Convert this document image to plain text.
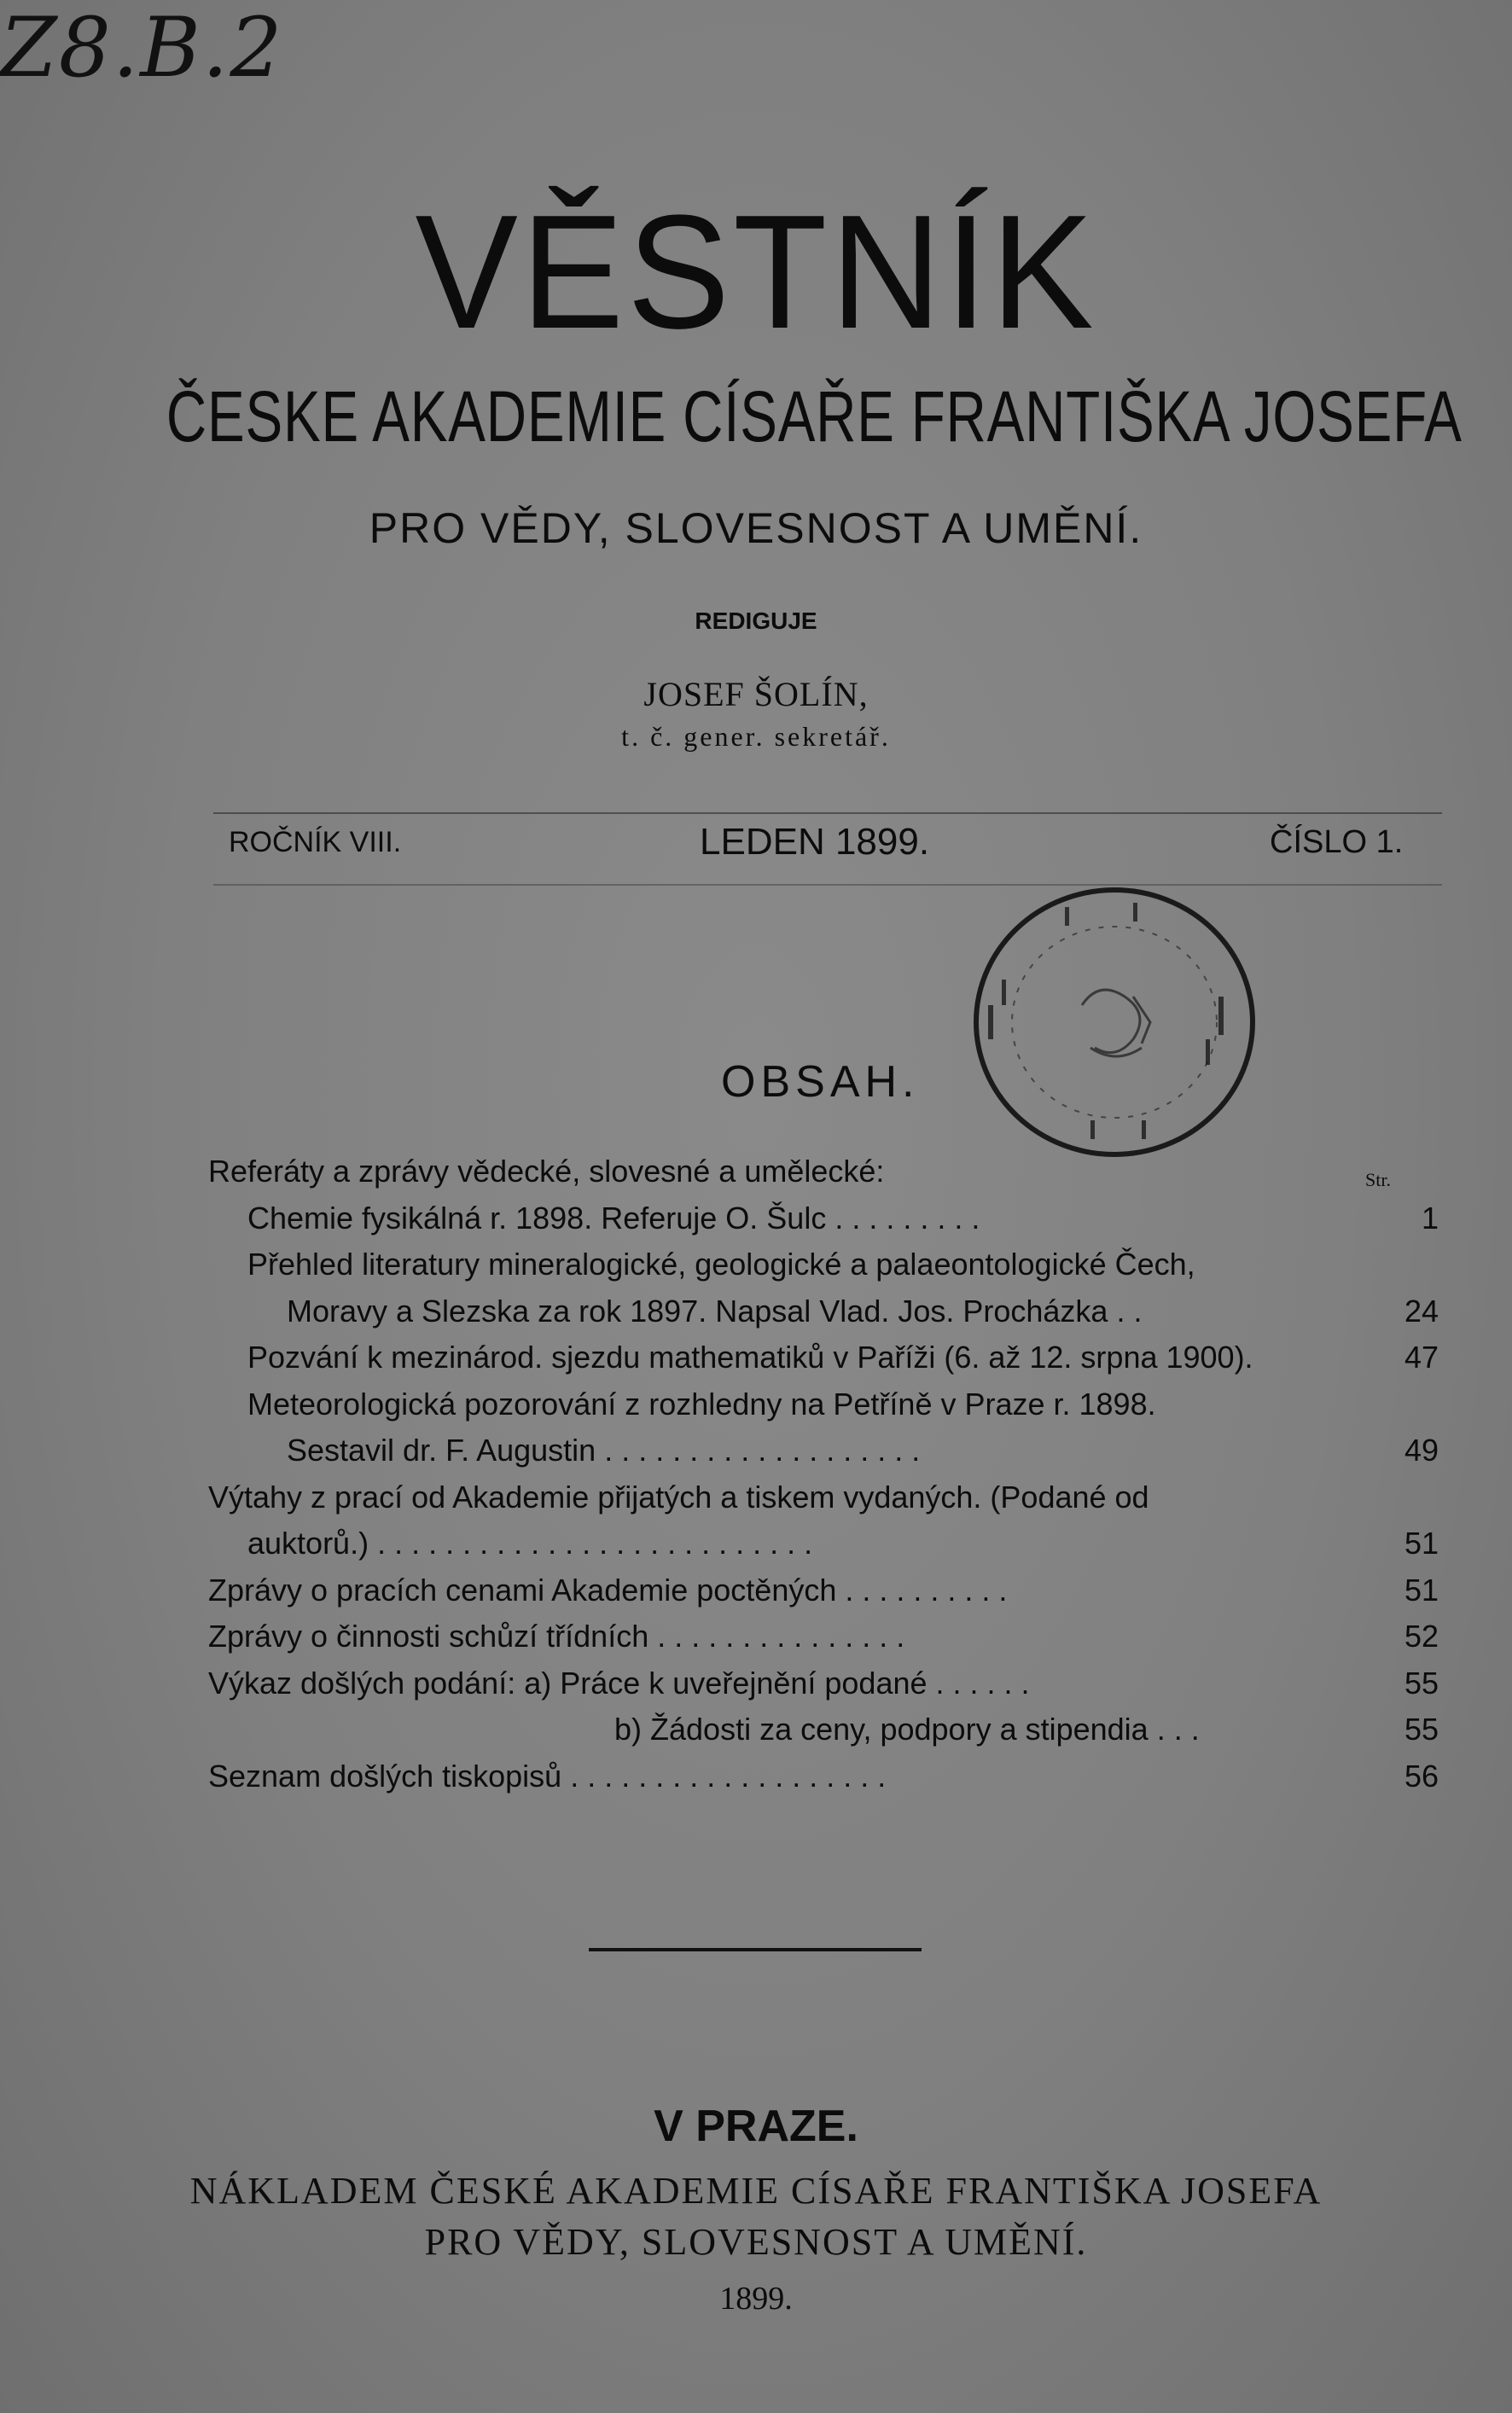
Z8.B.2
VĚSTNÍK
ČESKE AKADEMIE CÍSAŘE FRANTIŠKA JOSEFA
PRO VĚDY, SLOVESNOST A UMĚNÍ.
REDIGUJE
JOSEF ŠOLÍN,
t. č. gener. sekretář.
ROČNÍK VIII.	LEDEN 1899.	ČÍSLO 1.
OBSAH.
Str.
Referáty a zprávy vědecké, slovesné a umělecké:
Chemie fysikálná r. 1898. Referuje O. Šulc . . . . . . . . .	1
Přehled literatury mineralogické, geologické a palaeontologické Čech,
Moravy a Slezska za rok 1897. Napsal Vlad. Jos. Procházka . .	24
Pozvání k mezinárod. sjezdu mathematiků v Paříži (6. až 12. srpna 1900).	47
Meteorologická pozorování z rozhledny na Petříně v Praze r. 1898.
Sestavil dr. F. Augustin . . . . . . . . . . . . . . . . . . .	49
Výtahy z prací od Akademie přijatých a tiskem vydaných. (Podané od
auktorů.) . . . . . . . . . . . . . . . . . . . . . . . . . .	51
Zprávy o pracích cenami Akademie poctěných . . . . . . . . . .	51
Zprávy o činnosti schůzí třídních . . . . . . . . . . . . . . .	52
Výkaz došlých podání: a) Práce k uveřejnění podané . . . . . .	55
b) Žádosti za ceny, podpory a stipendia . . .	55
Seznam došlých tiskopisů . . . . . . . . . . . . . . . . . . .	56
V PRAZE.
NÁKLADEM ČESKÉ AKADEMIE CÍSAŘE FRANTIŠKA JOSEFA
PRO VĚDY, SLOVESNOST A UMĚNÍ.
1899.
